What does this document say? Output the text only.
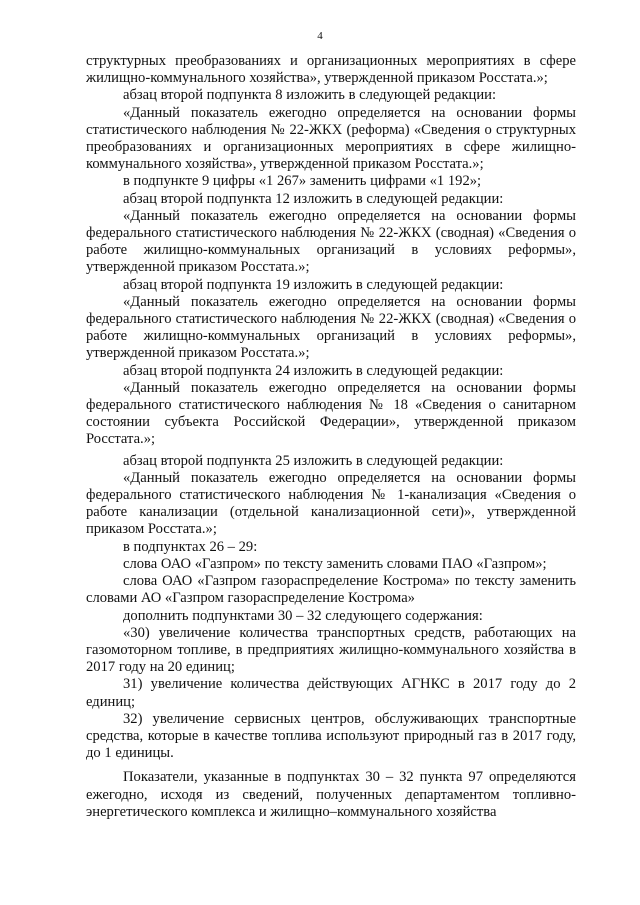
4

структурных преобразованиях и организационных мероприятиях в сфере жилищно-коммунального хозяйства», утвержденной приказом Росстата.»;

абзац второй подпункта 8 изложить в следующей редакции:

«Данный показатель ежегодно определяется на основании формы статистического наблюдения № 22-ЖКХ (реформа) «Сведения о структурных преобразованиях и организационных мероприятиях в сфере жилищно-коммунального хозяйства», утвержденной приказом Росстата.»;

в подпункте 9 цифры «1 267» заменить цифрами «1 192»;

абзац второй подпункта 12 изложить в следующей редакции:

«Данный показатель ежегодно определяется на основании формы федерального статистического наблюдения № 22-ЖКХ (сводная) «Сведения о работе жилищно-коммунальных организаций в условиях реформы», утвержденной приказом Росстата.»;

абзац второй подпункта 19 изложить в следующей редакции:

«Данный показатель ежегодно определяется на основании формы федерального статистического наблюдения № 22-ЖКХ (сводная) «Сведения о работе жилищно-коммунальных организаций в условиях реформы», утвержденной приказом Росстата.»;

абзац второй подпункта 24 изложить в следующей редакции:

«Данный показатель ежегодно определяется на основании формы федерального статистического наблюдения № 18 «Сведения о санитарном состоянии субъекта Российской Федерации», утвержденной приказом Росстата.»;

абзац второй подпункта 25 изложить в следующей редакции:

«Данный показатель ежегодно определяется на основании формы федерального статистического наблюдения № 1-канализация «Сведения о работе канализации (отдельной канализационной сети)», утвержденной приказом Росстата.»;

в подпунктах 26 – 29:

слова ОАО «Газпром» по тексту заменить словами ПАО «Газпром»;

слова ОАО «Газпром газораспределение Кострома» по тексту заменить словами АО «Газпром газораспределение Кострома»

дополнить подпунктами 30 – 32 следующего содержания:

«30) увеличение количества транспортных средств, работающих на газомоторном топливе, в предприятиях жилищно-коммунального хозяйства в 2017 году на 20 единиц;

31) увеличение количества действующих АГНКС в 2017 году до 2 единиц;

32) увеличение сервисных центров, обслуживающих транспортные средства, которые в качестве топлива используют природный газ в 2017 году, до 1 единицы.

Показатели, указанные в подпунктах 30 – 32 пункта 97 определяются ежегодно, исходя из сведений, полученных департаментом топливно-энергетического комплекса и жилищно–коммунального хозяйства
